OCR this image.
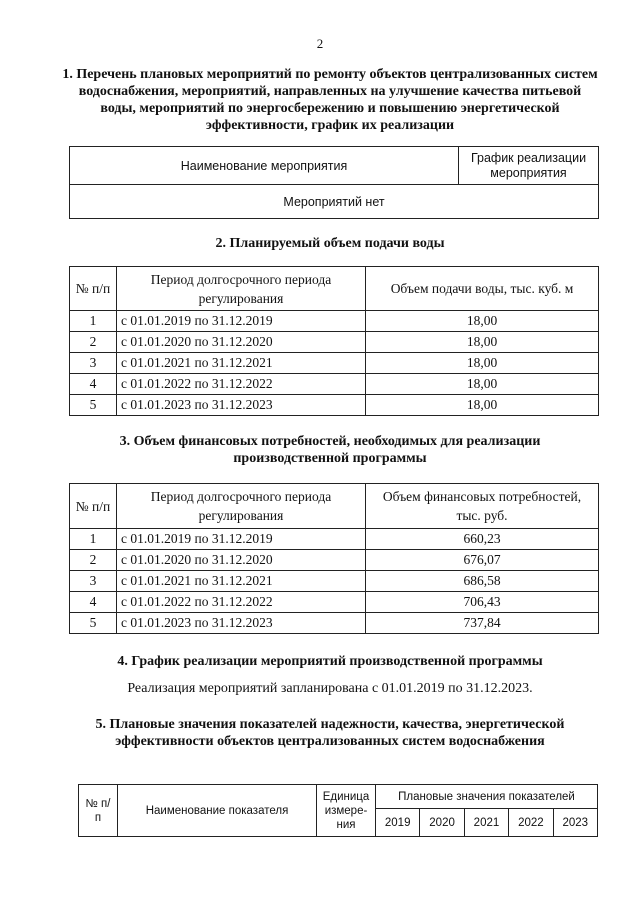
2
1. Перечень плановых мероприятий по ремонту объектов централизованных систем водоснабжения, мероприятий, направленных на улучшение качества питьевой воды, мероприятий по энергосбережению и повышению энергетической эффективности, график их реализации
Наименование мероприятия	График реализации мероприятия
Мероприятий нет
2. Планируемый объем подачи воды
№ п/п	Период долгосрочного периода регулирования	Объем подачи воды, тыс. куб. м
1	с 01.01.2019 по 31.12.2019	18,00
2	с 01.01.2020 по 31.12.2020	18,00
3	с 01.01.2021 по 31.12.2021	18,00
4	с 01.01.2022 по 31.12.2022	18,00
5	с 01.01.2023 по 31.12.2023	18,00
3. Объем финансовых потребностей, необходимых для реализации производственной программы
№ п/п	Период долгосрочного периода регулирования	Объем финансовых потребностей, тыс. руб.
1	с 01.01.2019 по 31.12.2019	660,23
2	с 01.01.2020 по 31.12.2020	676,07
3	с 01.01.2021 по 31.12.2021	686,58
4	с 01.01.2022 по 31.12.2022	706,43
5	с 01.01.2023 по 31.12.2023	737,84
4. График реализации мероприятий производственной программы
Реализация мероприятий запланирована с 01.01.2019 по 31.12.2023.
5. Плановые значения показателей надежности, качества, энергетической эффективности объектов централизованных систем водоснабжения
№ п/п	Наименование показателя	Единица измере-ния	Плановые значения показателей				
			2019	2020	2021	2022	2023
